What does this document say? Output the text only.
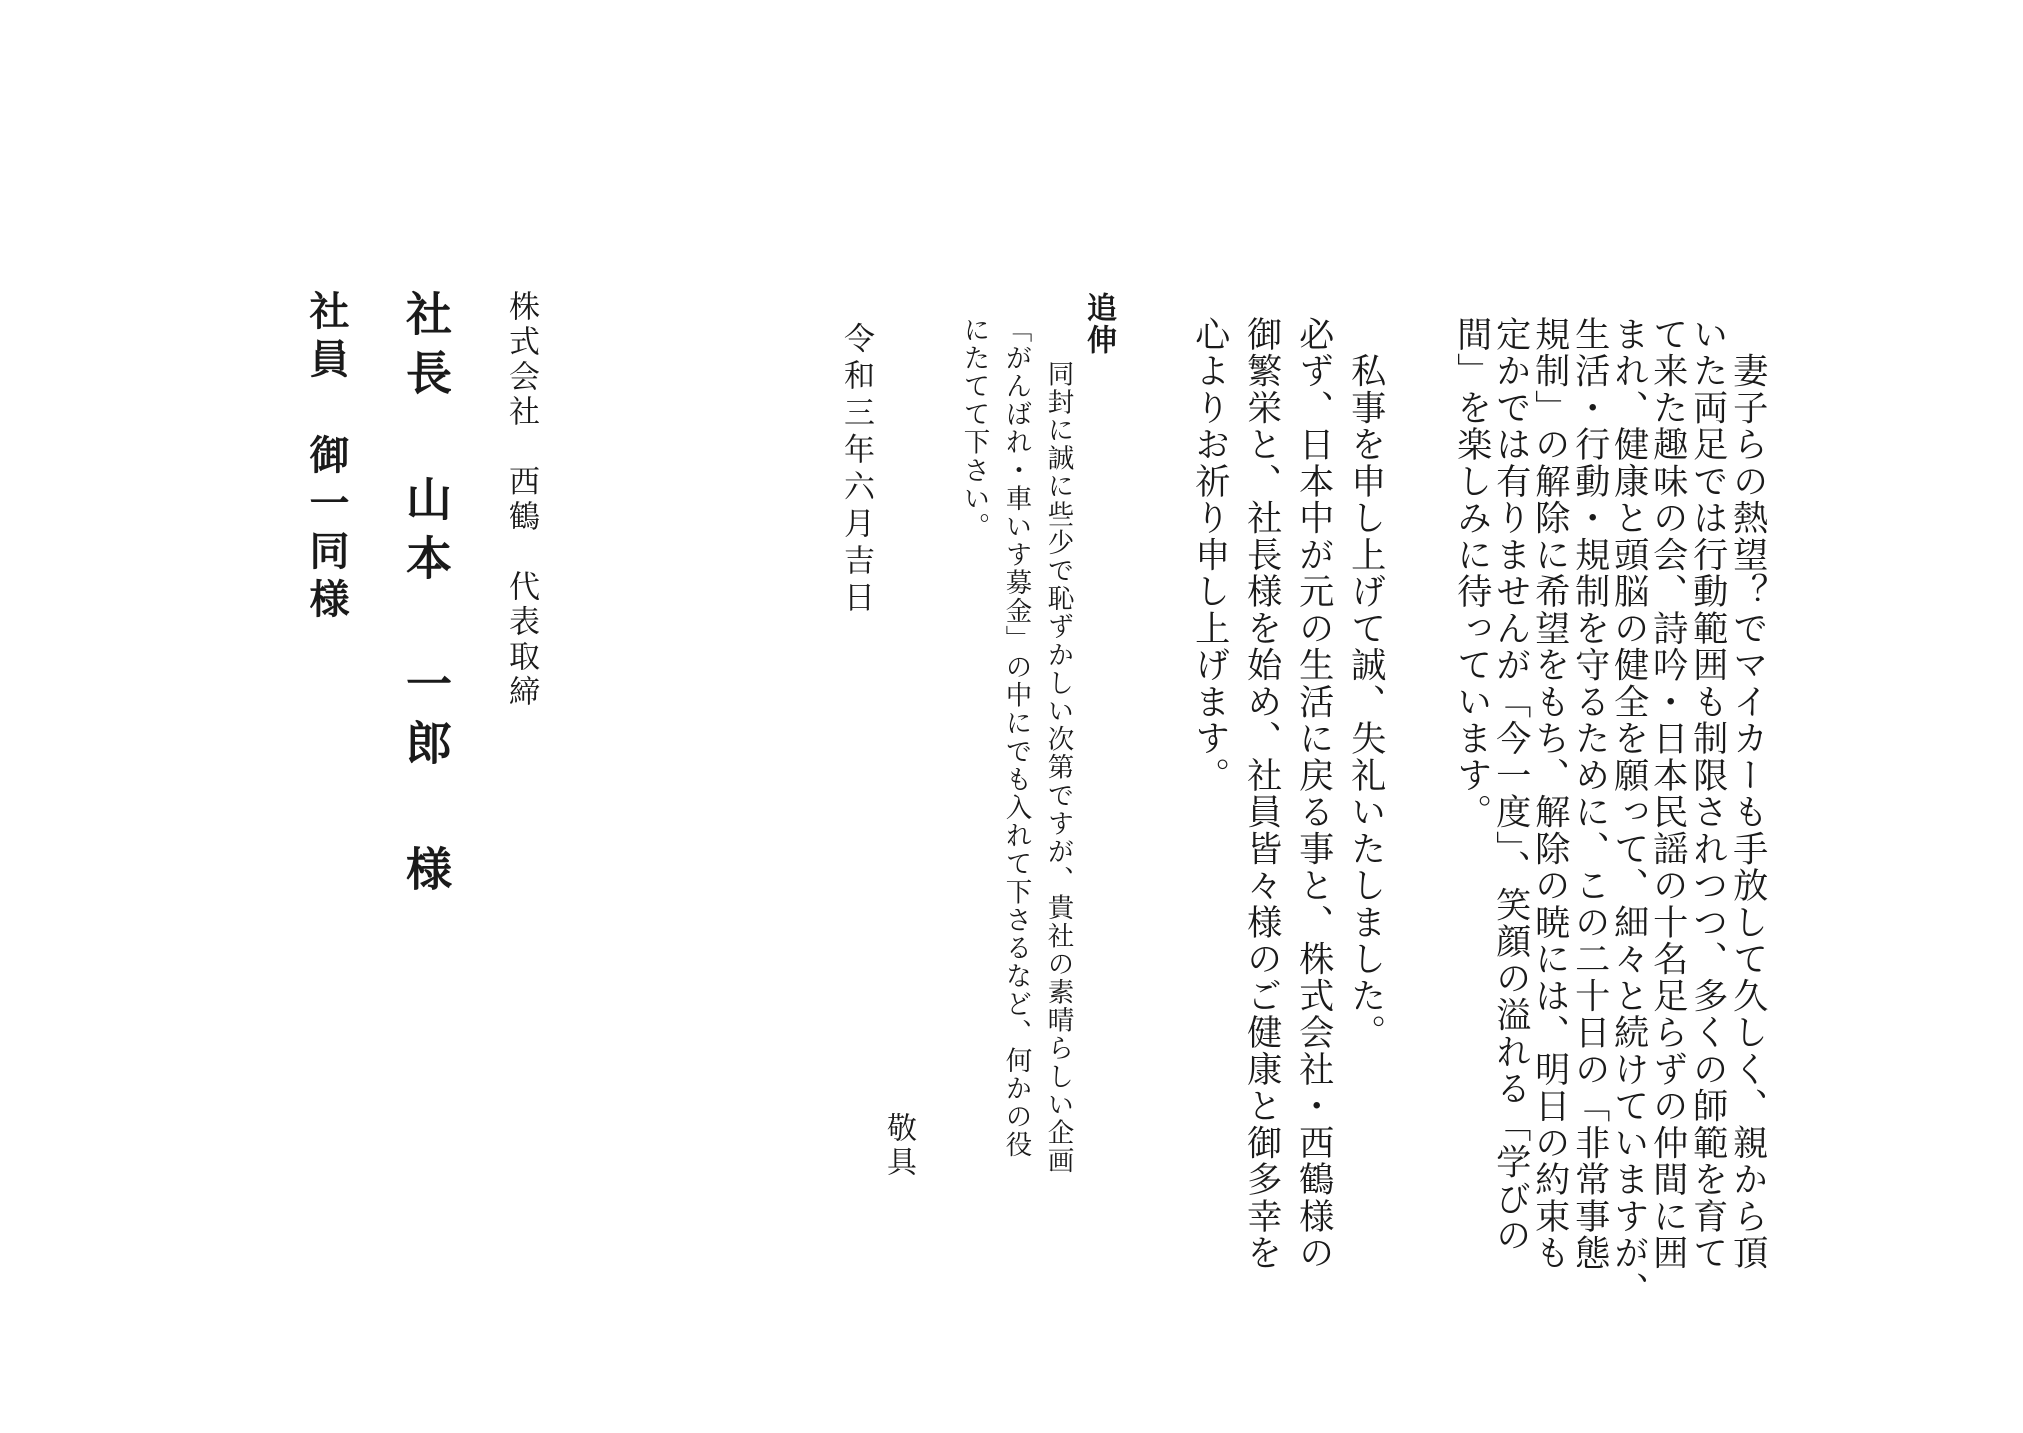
　妻子らの熱望？でマイカーも手放して久しく、親から頂
いた両足では行動範囲も制限されつつ、多くの師範を育て
て来た趣味の会、詩吟・日本民謡の十名足らずの仲間に囲
まれ、健康と頭脳の健全を願って、細々と続けていますが、
生活・行動・規制を守るために、この二十日の「非常事態
規制」の解除に希望をもち、解除の暁には、明日の約束も
定かでは有りませんが「今一度」、笑顔の溢れる「学びの
間」を楽しみに待っています。
　私事を申し上げて誠、失礼いたしました。
必ず、日本中が元の生活に戻る事と、株式会社・西鶴様の
御繁栄と、社長様を始め、社員皆々様のご健康と御多幸を
心よりお祈り申し上げます。
追伸
同封に誠に些少で恥ずかしい次第ですが、貴社の素晴らしい企画
「がんばれ・車いす募金」の中にでも入れて下さるなど、何かの役
にたてて下さい。
敬具
令和三年六月吉日
株式会社　西鶴　代表取締
社長 山本 一郎 様
社員　御一同様
